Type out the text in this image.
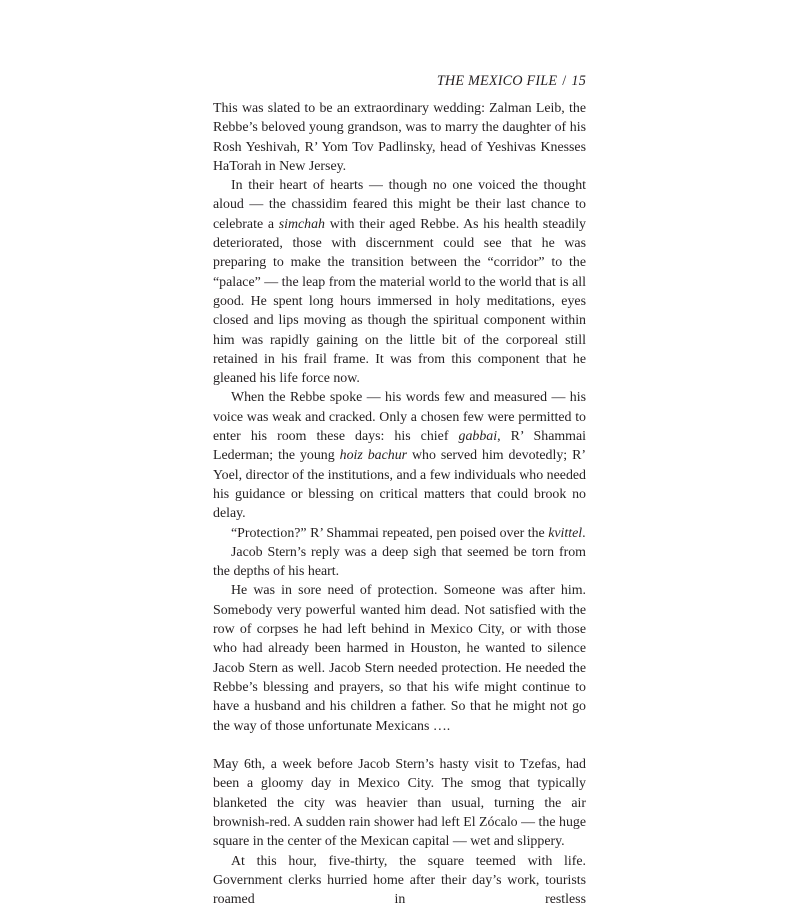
THE MEXICO FILE / 15

This was slated to be an extraordinary wedding: Zalman Leib, the Rebbe’s beloved young grandson, was to marry the daughter of his Rosh Yeshivah, R’ Yom Tov Padlinsky, head of Yeshivas Knesses HaTorah in New Jersey.

In their heart of hearts — though no one voiced the thought aloud — the chassidim feared this might be their last chance to celebrate a simchah with their aged Rebbe. As his health steadily deteriorated, those with discernment could see that he was preparing to make the transition between the “corridor” to the “palace” — the leap from the material world to the world that is all good. He spent long hours immersed in holy meditations, eyes closed and lips moving as though the spiritual component within him was rapidly gaining on the little bit of the corporeal still retained in his frail frame. It was from this component that he gleaned his life force now.

When the Rebbe spoke — his words few and measured — his voice was weak and cracked. Only a chosen few were permitted to enter his room these days: his chief gabbai, R’ Shammai Lederman; the young hoiz bachur who served him devotedly; R’ Yoel, director of the institutions, and a few individuals who needed his guidance or blessing on critical matters that could brook no delay.

“Protection?” R’ Shammai repeated, pen poised over the kvittel.

Jacob Stern’s reply was a deep sigh that seemed be torn from the depths of his heart.

He was in sore need of protection. Someone was after him. Somebody very powerful wanted him dead. Not satisfied with the row of corpses he had left behind in Mexico City, or with those who had already been harmed in Houston, he wanted to silence Jacob Stern as well. Jacob Stern needed protection. He needed the Rebbe’s blessing and prayers, so that his wife might continue to have a husband and his children a father. So that he might not go the way of those unfortunate Mexicans ….

May 6th, a week before Jacob Stern’s hasty visit to Tzefas, had been a gloomy day in Mexico City. The smog that typically blanketed the city was heavier than usual, turning the air brownish-red. A sudden rain shower had left El Zócalo — the huge square in the center of the Mexican capital — wet and slippery.

At this hour, five-thirty, the square teemed with life. Government clerks hurried home after their day’s work, tourists roamed in restless
